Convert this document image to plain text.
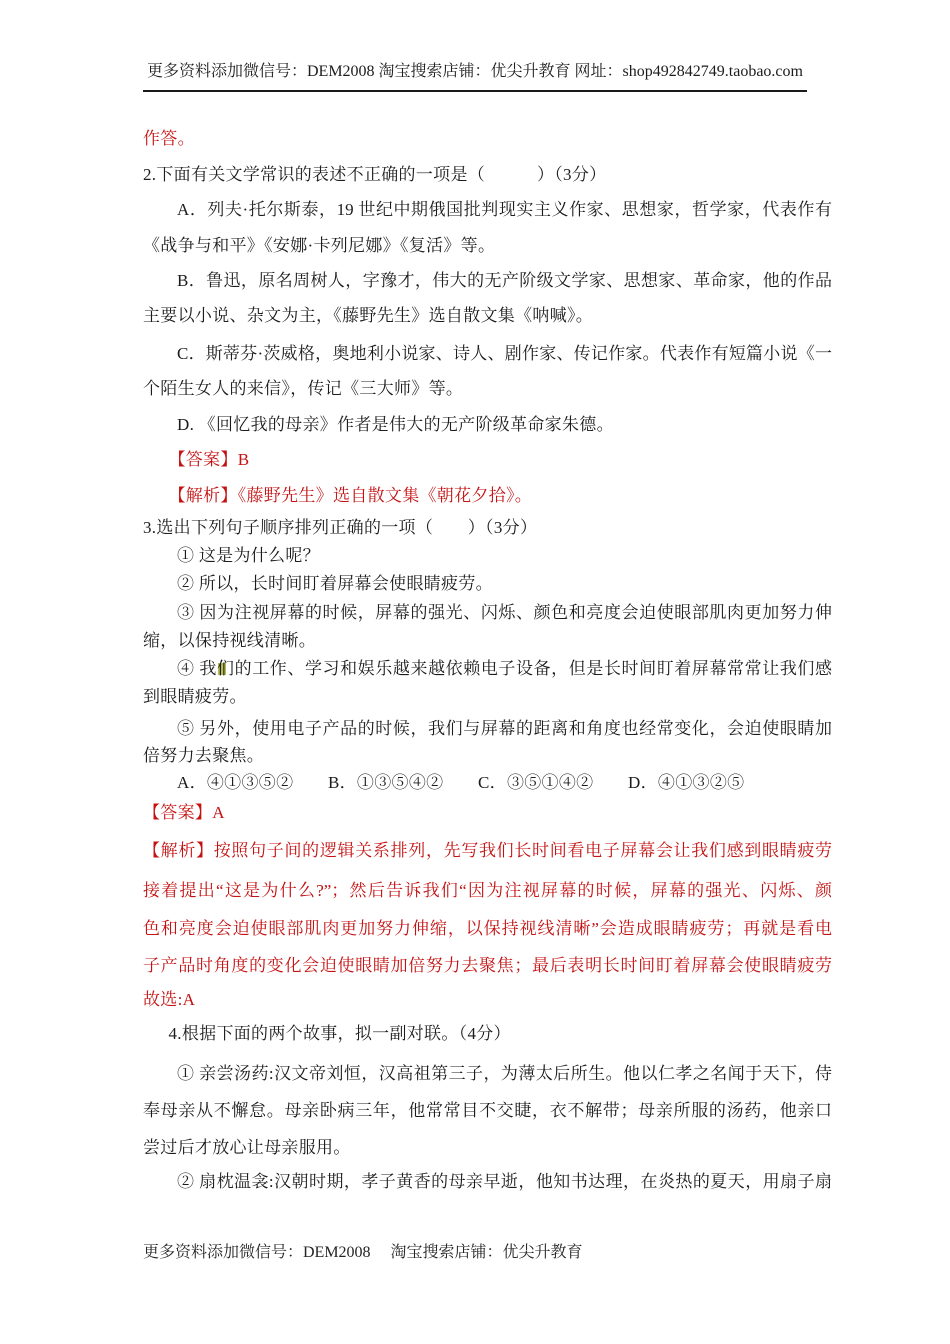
更多资料添加微信号：DEM2008 淘宝搜索店铺：优尖升教育 网址：shop492842749.taobao.com
作答。
2.下面有关文学常识的表述不正确的一项是（　　　）（3分）
A．列夫·托尔斯泰，19 世纪中期俄国批判现实主义作家、思想家，哲学家，代表作有
《战争与和平》《安娜·卡列尼娜》《复活》等。
B．鲁迅，原名周树人，字豫才，伟大的无产阶级文学家、思想家、革命家，他的作品
主要以小说、杂文为主，《藤野先生》选自散文集《呐喊》。
C．斯蒂芬·茨威格，奥地利小说家、诗人、剧作家、传记作家。代表作有短篇小说《一
个陌生女人的来信》，传记《三大师》等。
D. 《回忆我的母亲》作者是伟大的无产阶级革命家朱德。
【答案】B
【解析】《藤野先生》选自散文集《朝花夕拾》。
3.选出下列句子顺序排列正确的一项（　　）（3分）
① 这是为什么呢？
② 所以，长时间盯着屏幕会使眼睛疲劳。
③ 因为注视屏幕的时候，屏幕的强光、闪烁、颜色和亮度会迫使眼部肌肉更加努力伸
缩，以保持视线清晰。
④ 我们的工作、学习和娱乐越来越依赖电子设备，但是长时间盯着屏幕常常让我们感
到眼睛疲劳。
⑤ 另外，使用电子产品的时候，我们与屏幕的距离和角度也经常变化，会迫使眼睛加
倍努力去聚焦。
A．④①③⑤②　　B．①③⑤④②　　C．③⑤①④②　　D．④①③②⑤
【答案】A
【解析】按照句子间的逻辑关系排列，先写我们长时间看电子屏幕会让我们感到眼睛疲劳
接着提出“这是为什么?”；然后告诉我们“因为注视屏幕的时候，屏幕的强光、闪烁、颜
色和亮度会迫使眼部肌肉更加努力伸缩，以保持视线清晰”会造成眼睛疲劳；再就是看电
子产品时角度的变化会迫使眼睛加倍努力去聚焦；最后表明长时间盯着屏幕会使眼睛疲劳
故选:A
4.根据下面的两个故事，拟一副对联。（4分）
① 亲尝汤药:汉文帝刘恒，汉高祖第三子，为薄太后所生。他以仁孝之名闻于天下，侍
奉母亲从不懈怠。母亲卧病三年，他常常目不交睫，衣不解带；母亲所服的汤药，他亲口
尝过后才放心让母亲服用。
② 扇枕温衾:汉朝时期，孝子黄香的母亲早逝，他知书达理，在炎热的夏天，用扇子扇
更多资料添加微信号：DEM2008　 淘宝搜索店铺：优尖升教育
